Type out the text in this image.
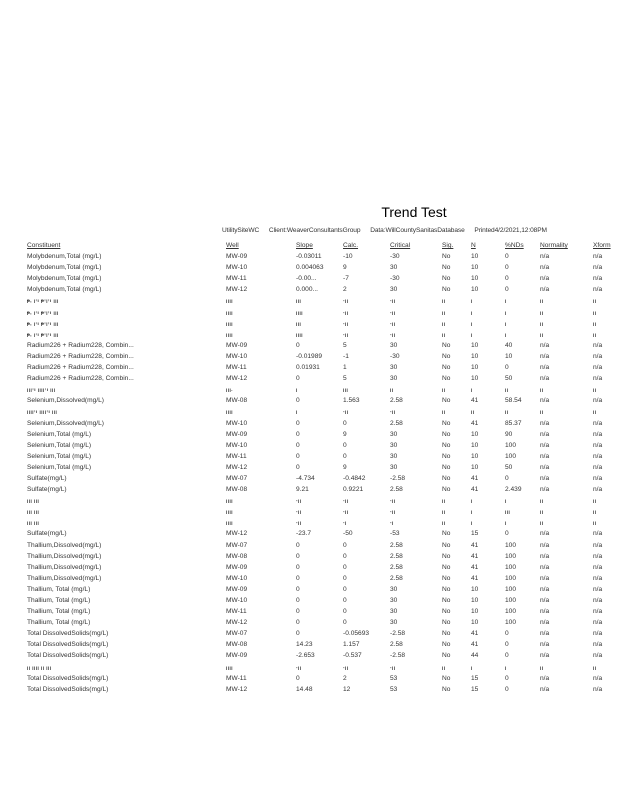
Trend Test
UtilitySiteWC Client:WeaverConsultantsGroup Data:WillCountySanitasDatabase Printed4/2/2021,12:08PM
Constituent	Well	Slope	Calc.	Critical	Sig.	N	%NDs	Normality	Xform
Molybdenum,Total (mg/L)	MW-09	-0.03011	-10	-30	No	10	0	n/a	n/a
Molybdenum,Total (mg/L)	MW-10	0.004063	9	30	No	10	0	n/a	n/a
Molybdenum,Total (mg/L)	MW-11	-0.00...	-7	-30	No	10	0	n/a	n/a
Molybdenum,Total (mg/L)	MW-12	0.000...	2	30	No	10	0	n/a	n/a
ᵽ, ꞁ꞉ı ᵽ꞉ꞁ꞉ı ꞁꞁꞁ	ꞁꞁꞁꞁ	ꞁꞁꞁ	-ꞁꞁ	-ꞁꞁ	ꞁꞁ	ꞁ	ꞁ	ꞁꞁ	ꞁꞁ
ᵽ, ꞁ꞉ı ᵽ꞉ꞁ꞉ı ꞁꞁꞁ	ꞁꞁꞁꞁ	ꞁꞁꞁꞁ	-ꞁꞁ	-ꞁꞁ	ꞁꞁ	ꞁ	ꞁ	ꞁꞁ	ꞁꞁ
ᵽ, ꞁ꞉ı ᵽ꞉ꞁ꞉ı ꞁꞁꞁ	ꞁꞁꞁꞁ	ꞁꞁꞁ	-ꞁꞁ	-ꞁꞁ	ꞁꞁ	ꞁ	ꞁ	ꞁꞁ	ꞁꞁ
ᵽ, ꞁ꞉ı ᵽ꞉ꞁ꞉ı ꞁꞁꞁ	ꞁꞁꞁꞁ	ꞁꞁꞁꞁ	-ꞁꞁ	-ꞁꞁ	ꞁꞁ	ꞁ	ꞁ	ꞁꞁ	ꞁꞁ
Radium226 + Radium228, Combin...	MW-09	0	5	30	No	10	40	n/a	n/a
Radium226 + Radium228, Combin...	MW-10	-0.01989	-1	-30	No	10	10	n/a	n/a
Radium226 + Radium228, Combin...	MW-11	0.01931	1	30	No	10	0	n/a	n/a
Radium226 + Radium228, Combin...	MW-12	0	5	30	No	10	50	n/a	n/a
ꞁꞁꞁ꞉ı ꞁꞁꞁꞁ꞉ı ꞁꞁꞁ	ꞁꞁꞁ.	ꞁ	ꞁꞁꞁ	ꞁꞁ	ꞁꞁ	ꞁ	ꞁꞁ	ꞁꞁ	ꞁꞁ
Selenium,Dissolved(mg/L)	MW-08	0	1.563	2.58	No	41	58.54	n/a	n/a
ꞁꞁꞁꞁ꞉ı ꞁꞁꞁꞁ꞉ı ꞁꞁꞁ	ꞁꞁꞁꞁ	ꞁ	-ꞁꞁ	-ꞁꞁ	ꞁꞁ	ꞁꞁ	ꞁꞁ	ꞁꞁ	ꞁꞁ
Selenium,Dissolved(mg/L)	MW-10	0	0	2.58	No	41	85.37	n/a	n/a
Selenium,Total (mg/L)	MW-09	0	9	30	No	10	90	n/a	n/a
Selenium,Total (mg/L)	MW-10	0	0	30	No	10	100	n/a	n/a
Selenium,Total (mg/L)	MW-11	0	0	30	No	10	100	n/a	n/a
Selenium,Total (mg/L)	MW-12	0	9	30	No	10	50	n/a	n/a
Sulfate(mg/L)	MW-07	-4.734	-0.4842	-2.58	No	41	0	n/a	n/a
Sulfate(mg/L)	MW-08	9.21	0.9221	2.58	No	41	2.439	n/a	n/a
ꞁꞁꞁ ꞁꞁꞁ	ꞁꞁꞁꞁ	-ꞁꞁ	-ꞁꞁ	-ꞁꞁ	ꞁꞁ	ꞁ	ꞁ	ꞁꞁ	ꞁꞁ
ꞁꞁꞁ ꞁꞁꞁ	ꞁꞁꞁꞁ	-ꞁꞁ	-ꞁꞁ	-ꞁꞁ	ꞁꞁ	ꞁ	ꞁꞁꞁ	ꞁꞁ	ꞁꞁ
ꞁꞁꞁ ꞁꞁꞁ	ꞁꞁꞁꞁ	-ꞁꞁ	-ꞁ	-ꞁ	ꞁꞁ	ꞁ	ꞁ	ꞁꞁ	ꞁꞁ
Sulfate(mg/L)	MW-12	-23.7	-50	-53	No	15	0	n/a	n/a
Thallium,Dissolved(mg/L)	MW-07	0	0	2.58	No	41	100	n/a	n/a
Thallium,Dissolved(mg/L)	MW-08	0	0	2.58	No	41	100	n/a	n/a
Thallium,Dissolved(mg/L)	MW-09	0	0	2.58	No	41	100	n/a	n/a
Thallium,Dissolved(mg/L)	MW-10	0	0	2.58	No	41	100	n/a	n/a
Thallium, Total (mg/L)	MW-09	0	0	30	No	10	100	n/a	n/a
Thallium, Total (mg/L)	MW-10	0	0	30	No	10	100	n/a	n/a
Thallium, Total (mg/L)	MW-11	0	0	30	No	10	100	n/a	n/a
Thallium, Total (mg/L)	MW-12	0	0	30	No	10	100	n/a	n/a
Total DissolvedSolids(mg/L)	MW-07	0	-0.05693	-2.58	No	41	0	n/a	n/a
Total DissolvedSolids(mg/L)	MW-08	14.23	1.157	2.58	No	41	0	n/a	n/a
Total DissolvedSolids(mg/L)	MW-09	-2.653	-0.537	-2.58	No	44	0	n/a	n/a
ꞁꞁ ꞁꞁꞁꞁ ꞁꞁ ꞁꞁꞁ	ꞁꞁꞁꞁ	-ꞁꞁ	-ꞁꞁ	-ꞁꞁ	ꞁꞁ	ꞁ	ꞁ	ꞁꞁ	ꞁꞁ
Total DissolvedSolids(mg/L)	MW-11	0	2	53	No	15	0	n/a	n/a
Total DissolvedSolids(mg/L)	MW-12	14.48	12	53	No	15	0	n/a	n/a
